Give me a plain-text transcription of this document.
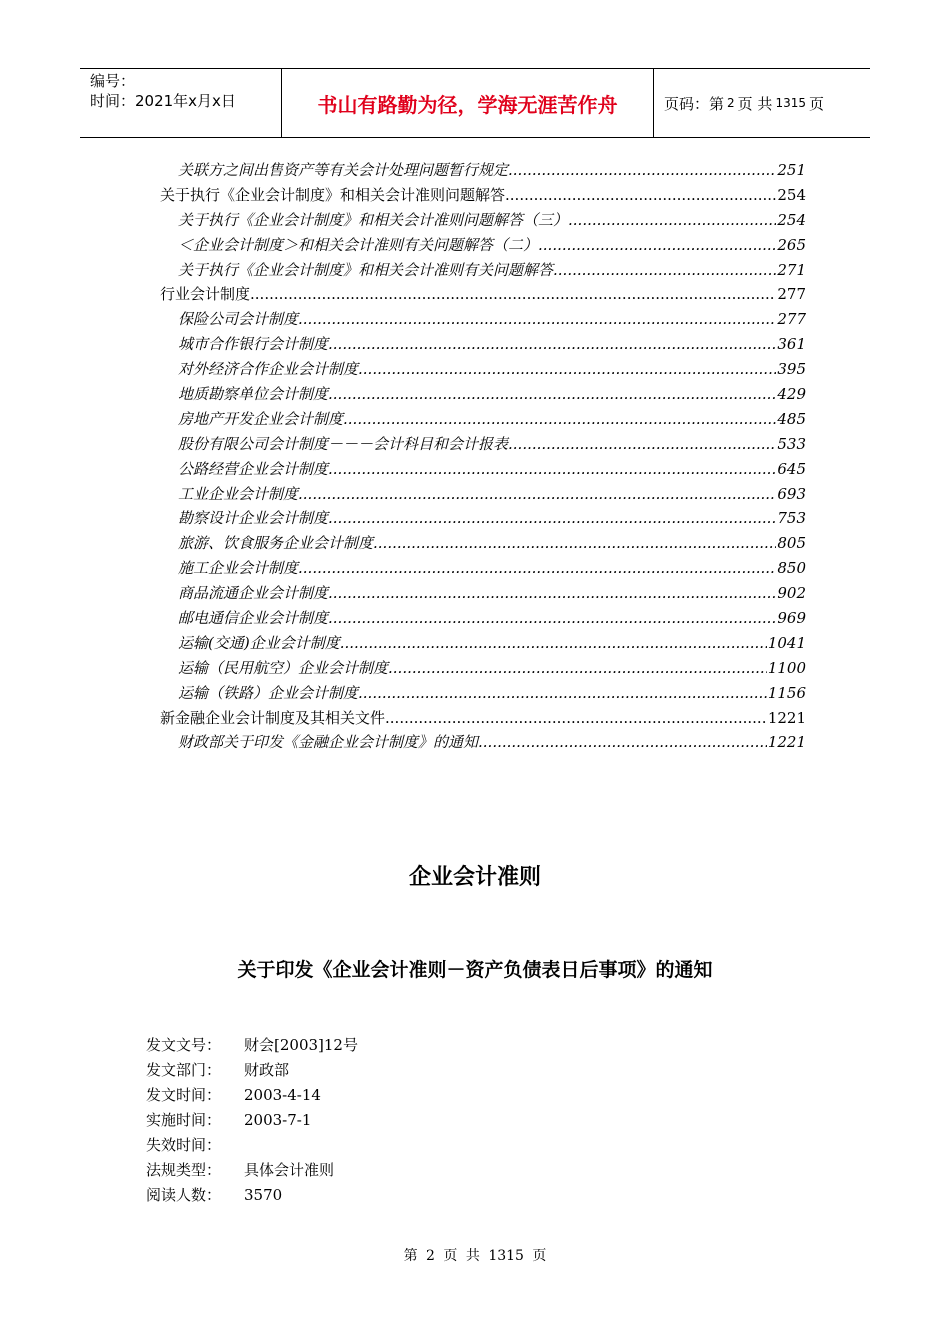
编号：
时间：2021年x月x日	书山有路勤为径，学海无涯苦作舟	页码：第 2 页 共 1315 页
关联方之间出售资产等有关会计处理问题暂行规定 .....	251
关于执行《企业会计制度》和相关会计准则问题解答 .....	254
关于执行《企业会计制度》和相关会计准则问题解答（三） .....	254
＜企业会计制度＞和相关会计准则有关问题解答（二） .....	265
关于执行《企业会计制度》和相关会计准则有关问题解答 .....	271
行业会计制度 .....	277
保险公司会计制度 .....	277
城市合作银行会计制度 .....	361
对外经济合作企业会计制度 .....	395
地质勘察单位会计制度 .....	429
房地产开发企业会计制度 .....	485
股份有限公司会计制度－－－会计科目和会计报表 .....	533
公路经营企业会计制度 .....	645
工业企业会计制度 .....	693
勘察设计企业会计制度 .....	753
旅游、饮食服务企业会计制度 .....	805
施工企业会计制度 .....	850
商品流通企业会计制度 .....	902
邮电通信企业会计制度 .....	969
运输(交通)企业会计制度 .....	1041
运输（民用航空）企业会计制度 .....	1100
运输（铁路）企业会计制度 .....	1156
新金融企业会计制度及其相关文件 .....	1221
财政部关于印发《金融企业会计制度》的通知 .....	1221
企业会计准则
关于印发《企业会计准则－资产负债表日后事项》的通知
发文文号：	财会[2003]12号
发文部门：	财政部
发文时间：	2003-4-14
实施时间：	2003-7-1
失效时间：
法规类型：	具体会计准则
阅读人数：	3570
第 2 页 共 1315 页
